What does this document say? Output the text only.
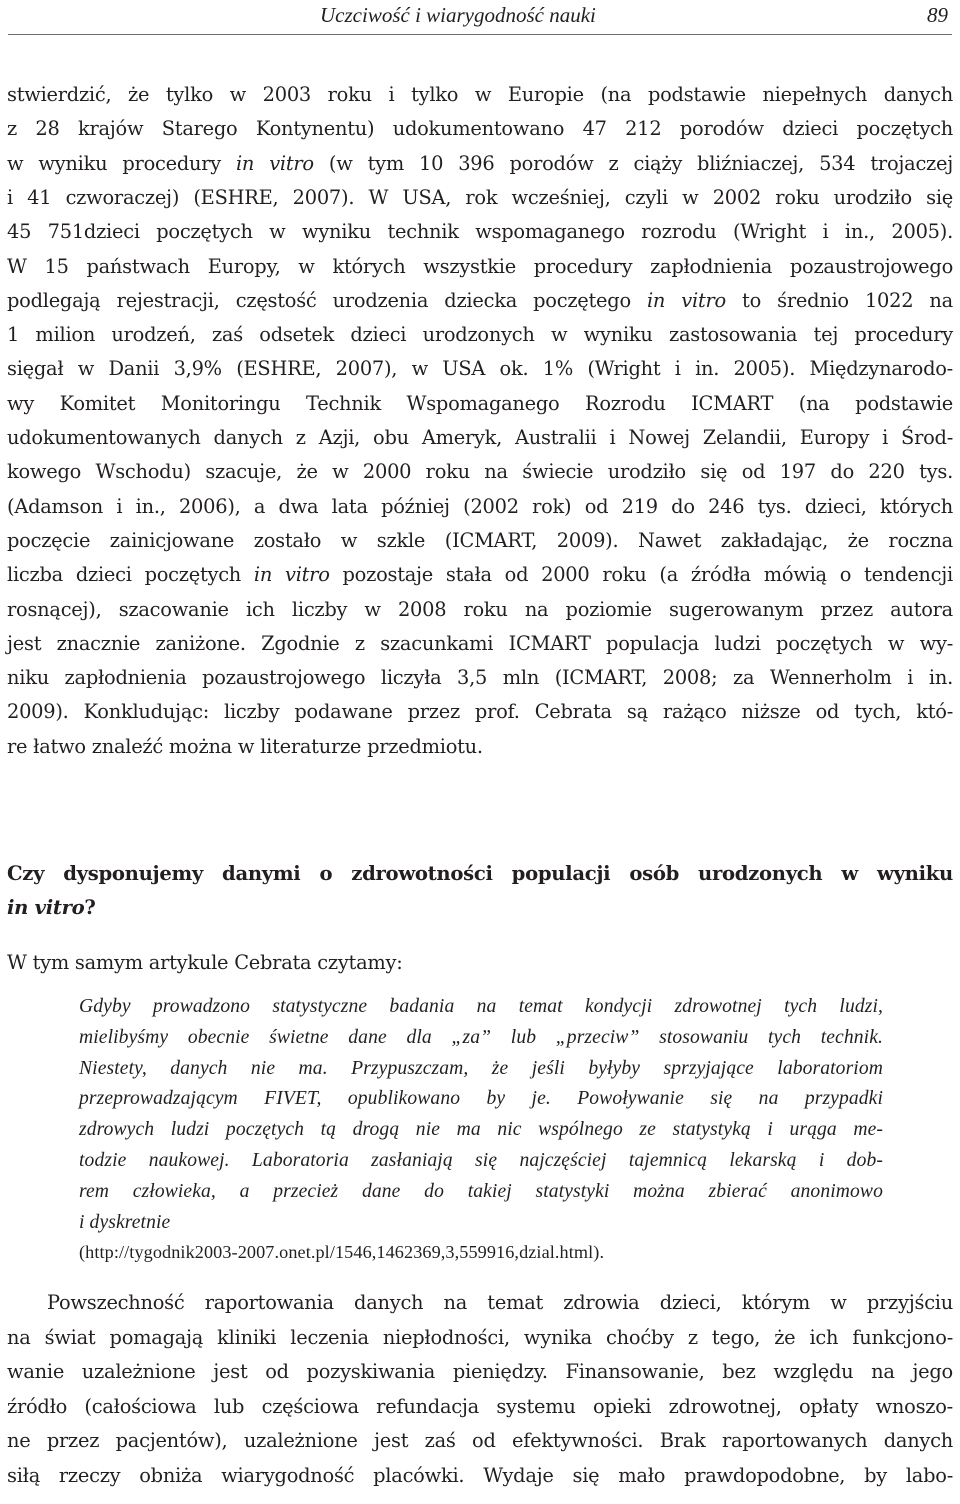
Uczciwość i wiarygodność nauki	89
stwierdzić, że tylko w 2003 roku i tylko w Europie (na podstawie niepełnych danych
z 28 krajów Starego Kontynentu) udokumentowano 47 212 porodów dzieci poczętych
w wyniku procedury in vitro (w tym 10 396 porodów z ciąży bliźniaczej, 534 trojaczej
i 41 czworaczej) (ESHRE, 2007). W USA, rok wcześniej, czyli w 2002 roku urodziło się
45 751dzieci poczętych w wyniku technik wspomaganego rozrodu (Wright i in., 2005).
W 15 państwach Europy, w których wszystkie procedury zapłodnienia pozaustrojowego
podlegają rejestracji, częstość urodzenia dziecka poczętego in vitro to średnio 1022 na
1 milion urodzeń, zaś odsetek dzieci urodzonych w wyniku zastosowania tej procedury
sięgał w Danii 3,9% (ESHRE, 2007), w USA ok. 1% (Wright i in. 2005). Międzynarodo-
wy Komitet Monitoringu Technik Wspomaganego Rozrodu ICMART (na podstawie
udokumentowanych danych z Azji, obu Ameryk, Australii i Nowej Zelandii, Europy i Środ-
kowego Wschodu) szacuje, że w 2000 roku na świecie urodziło się od 197 do 220 tys.
(Adamson i in., 2006), a dwa lata później (2002 rok) od 219 do 246 tys. dzieci, których
poczęcie zainicjowane zostało w szkle (ICMART, 2009). Nawet zakładając, że roczna
liczba dzieci poczętych in vitro pozostaje stała od 2000 roku (a źródła mówią o tendencji
rosnącej), szacowanie ich liczby w 2008 roku na poziomie sugerowanym przez autora
jest znacznie zaniżone. Zgodnie z szacunkami ICMART populacja ludzi poczętych w wy-
niku zapłodnienia pozaustrojowego liczyła 3,5 mln (ICMART, 2008; za Wennerholm i in.
2009). Konkludując: liczby podawane przez prof. Cebrata są rażąco niższe od tych, któ-
re łatwo znaleźć można w literaturze przedmiotu.
Czy dysponujemy danymi o zdrowotności populacji osób urodzonych w wyniku
in vitro?
W tym samym artykule Cebrata czytamy:
Gdyby prowadzono statystyczne badania na temat kondycji zdrowotnej tych ludzi,
mielibyśmy obecnie świetne dane dla „za” lub „przeciw” stosowaniu tych technik.
Niestety, danych nie ma. Przypuszczam, że jeśli byłyby sprzyjające laboratoriom
przeprowadzającym FIVET, opublikowano by je. Powoływanie się na przypadki
zdrowych ludzi poczętych tą drogą nie ma nic wspólnego ze statystyką i urąga me-
todzie naukowej. Laboratoria zasłaniają się najczęściej tajemnicą lekarską i dob-
rem człowieka, a przecież dane do takiej statystyki można zbierać anonimowo
i dyskretnie
(http://tygodnik2003-2007.onet.pl/1546,1462369,3,559916,dzial.html).
Powszechność raportowania danych na temat zdrowia dzieci, którym w przyjściu
na świat pomagają kliniki leczenia niepłodności, wynika choćby z tego, że ich funkcjono-
wanie uzależnione jest od pozyskiwania pieniędzy. Finansowanie, bez względu na jego
źródło (całościowa lub częściowa refundacja systemu opieki zdrowotnej, opłaty wnoszo-
ne przez pacjentów), uzależnione jest zaś od efektywności. Brak raportowanych danych
siłą rzeczy obniża wiarygodność placówki. Wydaje się mało prawdopodobne, by labo-
